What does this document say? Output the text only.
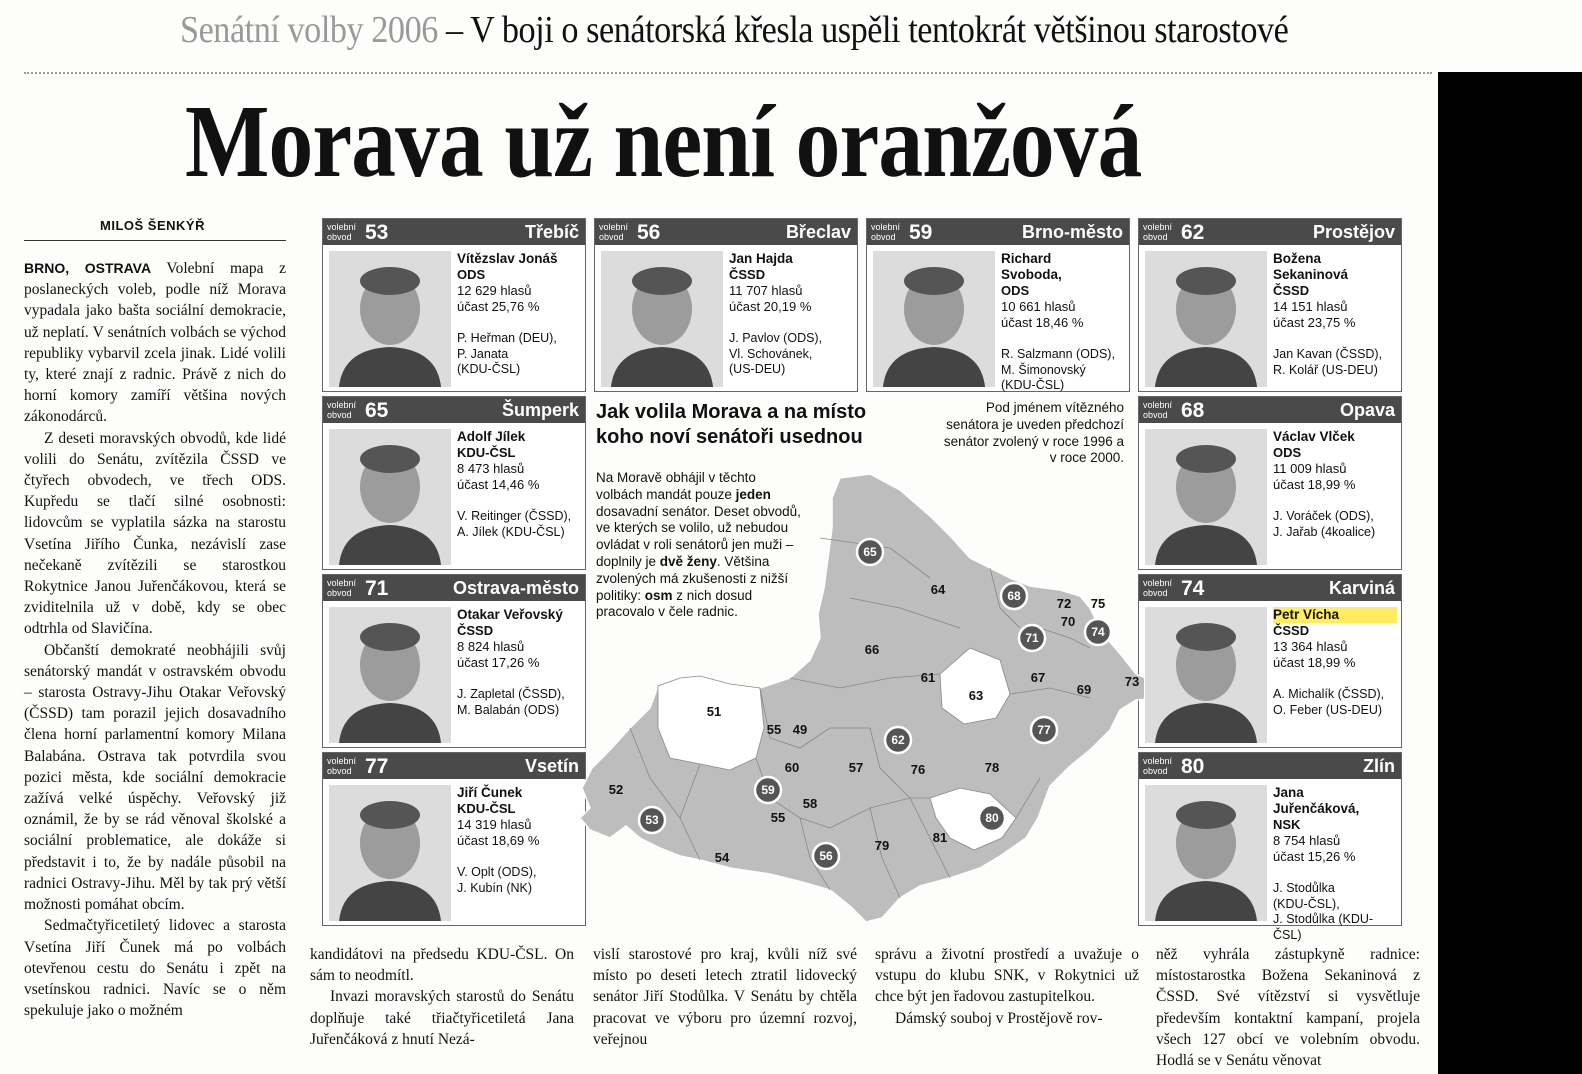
Senátní volby 2006 – V boji o senátorská křesla uspěli tentokrát většinou starostové
Morava už není oranžová
MILOŠ ŠENKÝŘ

BRNO, OSTRAVA Volební mapa z poslaneckých voleb, podle níž Morava vypadala jako bašta sociální demokracie, už neplatí. V senátních volbách se východ republiky vybarvil zcela jinak. Lidé volili ty, které znají z radnic. Právě z nich do horní komory zamíří většina nových zákonodárců.

Z deseti moravských obvodů, kde lidé volili do Senátu, zvítězila ČSSD ve čtyřech obvodech, ve třech ODS. Kupředu se tlačí silné osobnosti: lidovcům se vyplatila sázka na starostu Vsetína Jiřího Čunka, nezávislí zase nečekaně zvítězili se starostkou Rokytnice Janou Juřenčákovou, která se zviditelnila už v době, kdy se obec odtrhla od Slavičína.

Občanští demokraté neobhájili svůj senátorský mandát v ostravském obvodu – starosta Ostravy-Jihu Otakar Veřovský (ČSSD) tam porazil jejich dosavadního člena horní parlamentní komory Milana Balabána. Ostrava tak potvrdila svou pozici města, kde sociální demokracie zažívá velké úspěchy. Veřovský již oznámil, že by se rád věnoval školské a sociální problematice, ale dokáže si představit i to, že by nadále působil na radnici Ostravy-Jihu. Měl by tak prý větší možnosti pomáhat obcím.

Sedmačtyřicetiletý lidovec a starosta Vsetína Jiří Čunek má po volbách otevřenou cestu do Senátu i zpět na vsetínskou radnici. Navíc se o něm spekuluje jako o možném

kandidátovi na předsedu KDU-ČSL. On sám to neodmítl.

Invazi moravských starostů do Senátu doplňuje také třiačtyřicetiletá Jana Juřenčáková z hnutí Nezá-

vislí starostové pro kraj, kvůli níž své místo po deseti letech ztratil lidovecký senátor Jiří Stodůlka. V Senátu by chtěla pracovat ve výboru pro územní rozvoj, veřejnou

správu a životní prostředí a uvažuje o vstupu do klubu SNK, v Rokytnici už chce být jen řadovou zastupitelkou.

Dámský souboj v Prostějově rov-

něž vyhrála zástupkyně radnice: místostarostka Božena Sekaninová z ČSSD. Své vítězství si vysvětluje především kontaktní kampaní, projela všech 127 obcí ve volebním obvodu. Hodlá se v Senátu věnovat

volební
obvod 53	Třebíč
Vítězslav Jonáš
ODS
12 629 hlasů
účast 25,76 %
P. Heřman (DEU),
P. Janata
(KDU-ČSL)
volební
obvod 56	Břeclav
Jan Hajda
ČSSD
11 707 hlasů
účast 20,19 %
J. Pavlov (ODS),
Vl. Schovánek,
(US-DEU)
volební
obvod 59	Brno-město
Richard
Svoboda,
ODS
10 661 hlasů
účast 18,46 %
R. Salzmann (ODS),
M. Šimonovský
(KDU-ČSL)
volební
obvod 62	Prostějov
Božena
Sekaninová
ČSSD
14 151 hlasů
účast 23,75 %
Jan Kavan (ČSSD),
R. Kolář (US-DEU)
volební
obvod 65	Šumperk
Adolf Jílek
KDU-ČSL
8 473 hlasů
účast 14,46 %
V. Reitinger (ČSSD),
A. Jílek (KDU-ČSL)
volební
obvod 68	Opava
Václav Vlček
ODS
11 009 hlasů
účast 18,99 %
J. Voráček (ODS),
J. Jařab (4koalice)
volební
obvod 71	Ostrava-město
Otakar Veřovský
ČSSD
8 824 hlasů
účast 17,26 %
J. Zapletal (ČSSD),
M. Balabán (ODS)
volební
obvod 74	Karviná
Petr Vícha
ČSSD
13 364 hlasů
účast 18,99 %
A. Michalík (ČSSD),
O. Feber (US-DEU)
volební
obvod 77	Vsetín
Jiří Čunek
KDU-ČSL
14 319 hlasů
účast 18,69 %
V. Oplt (ODS),
J. Kubín (NK)
volební
obvod 80	Zlín
Jana
Juřenčáková,
NSK
8 754 hlasů
účast 15,26 %
J. Stodůlka
(KDU-ČSL),
J. Stodůlka (KDU-ČSL)
64
66
61
63
67
69
73
72
70
75
51
55 49
60	57	76	78
52
58
55
54
79
81
65
68
71	74
62
77
59
53
56
80
Jak volila Morava a na místo
koho noví senátoři usednou
Na Moravě obhájil v těchto volbách mandát pouze jeden dosavadní senátor. Deset obvodů, ve kterých se volilo, už nebudou ovládat v roli senátorů jen muži – doplnily je dvě ženy. Většina zvolených má zkušenosti z nižší politiky: osm z nich dosud pracovalo v čele radnic.
Pod jménem vítězného senátora je uveden předchozí senátor zvolený v roce 1996 a v roce 2000.
